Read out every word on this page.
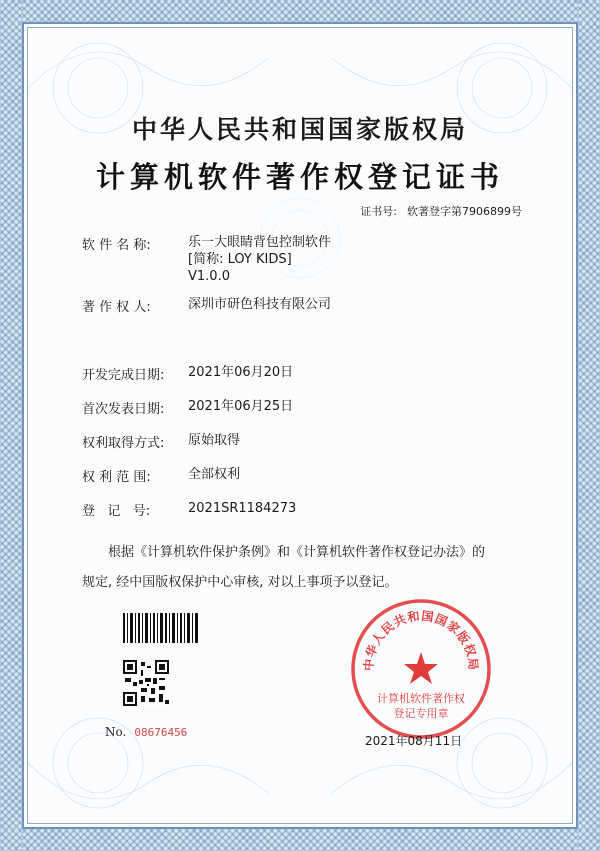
中华人民共和国国家版权局
计算机软件著作权登记证书
证书号: 软著登字第7906899号
软 件 名 称:	乐一大眼睛背包控制软件
[简称: LOY KIDS]
V1.0.0
著 作 权 人:	深圳市研色科技有限公司
开发完成日期:	2021年06月20日
首次发表日期:	2021年06月25日
权利取得方式:	原始取得
权 利 范 围:	全部权利
登   记   号:	2021SR1184273
根据《计算机软件保护条例》和《计算机软件著作权登记办法》的
规定, 经中国版权保护中心审核, 对以上事项予以登记。
No. 08676456
中华人民共和国国家版权局
计算机软件著作权
登记专用章
2021年08月11日
